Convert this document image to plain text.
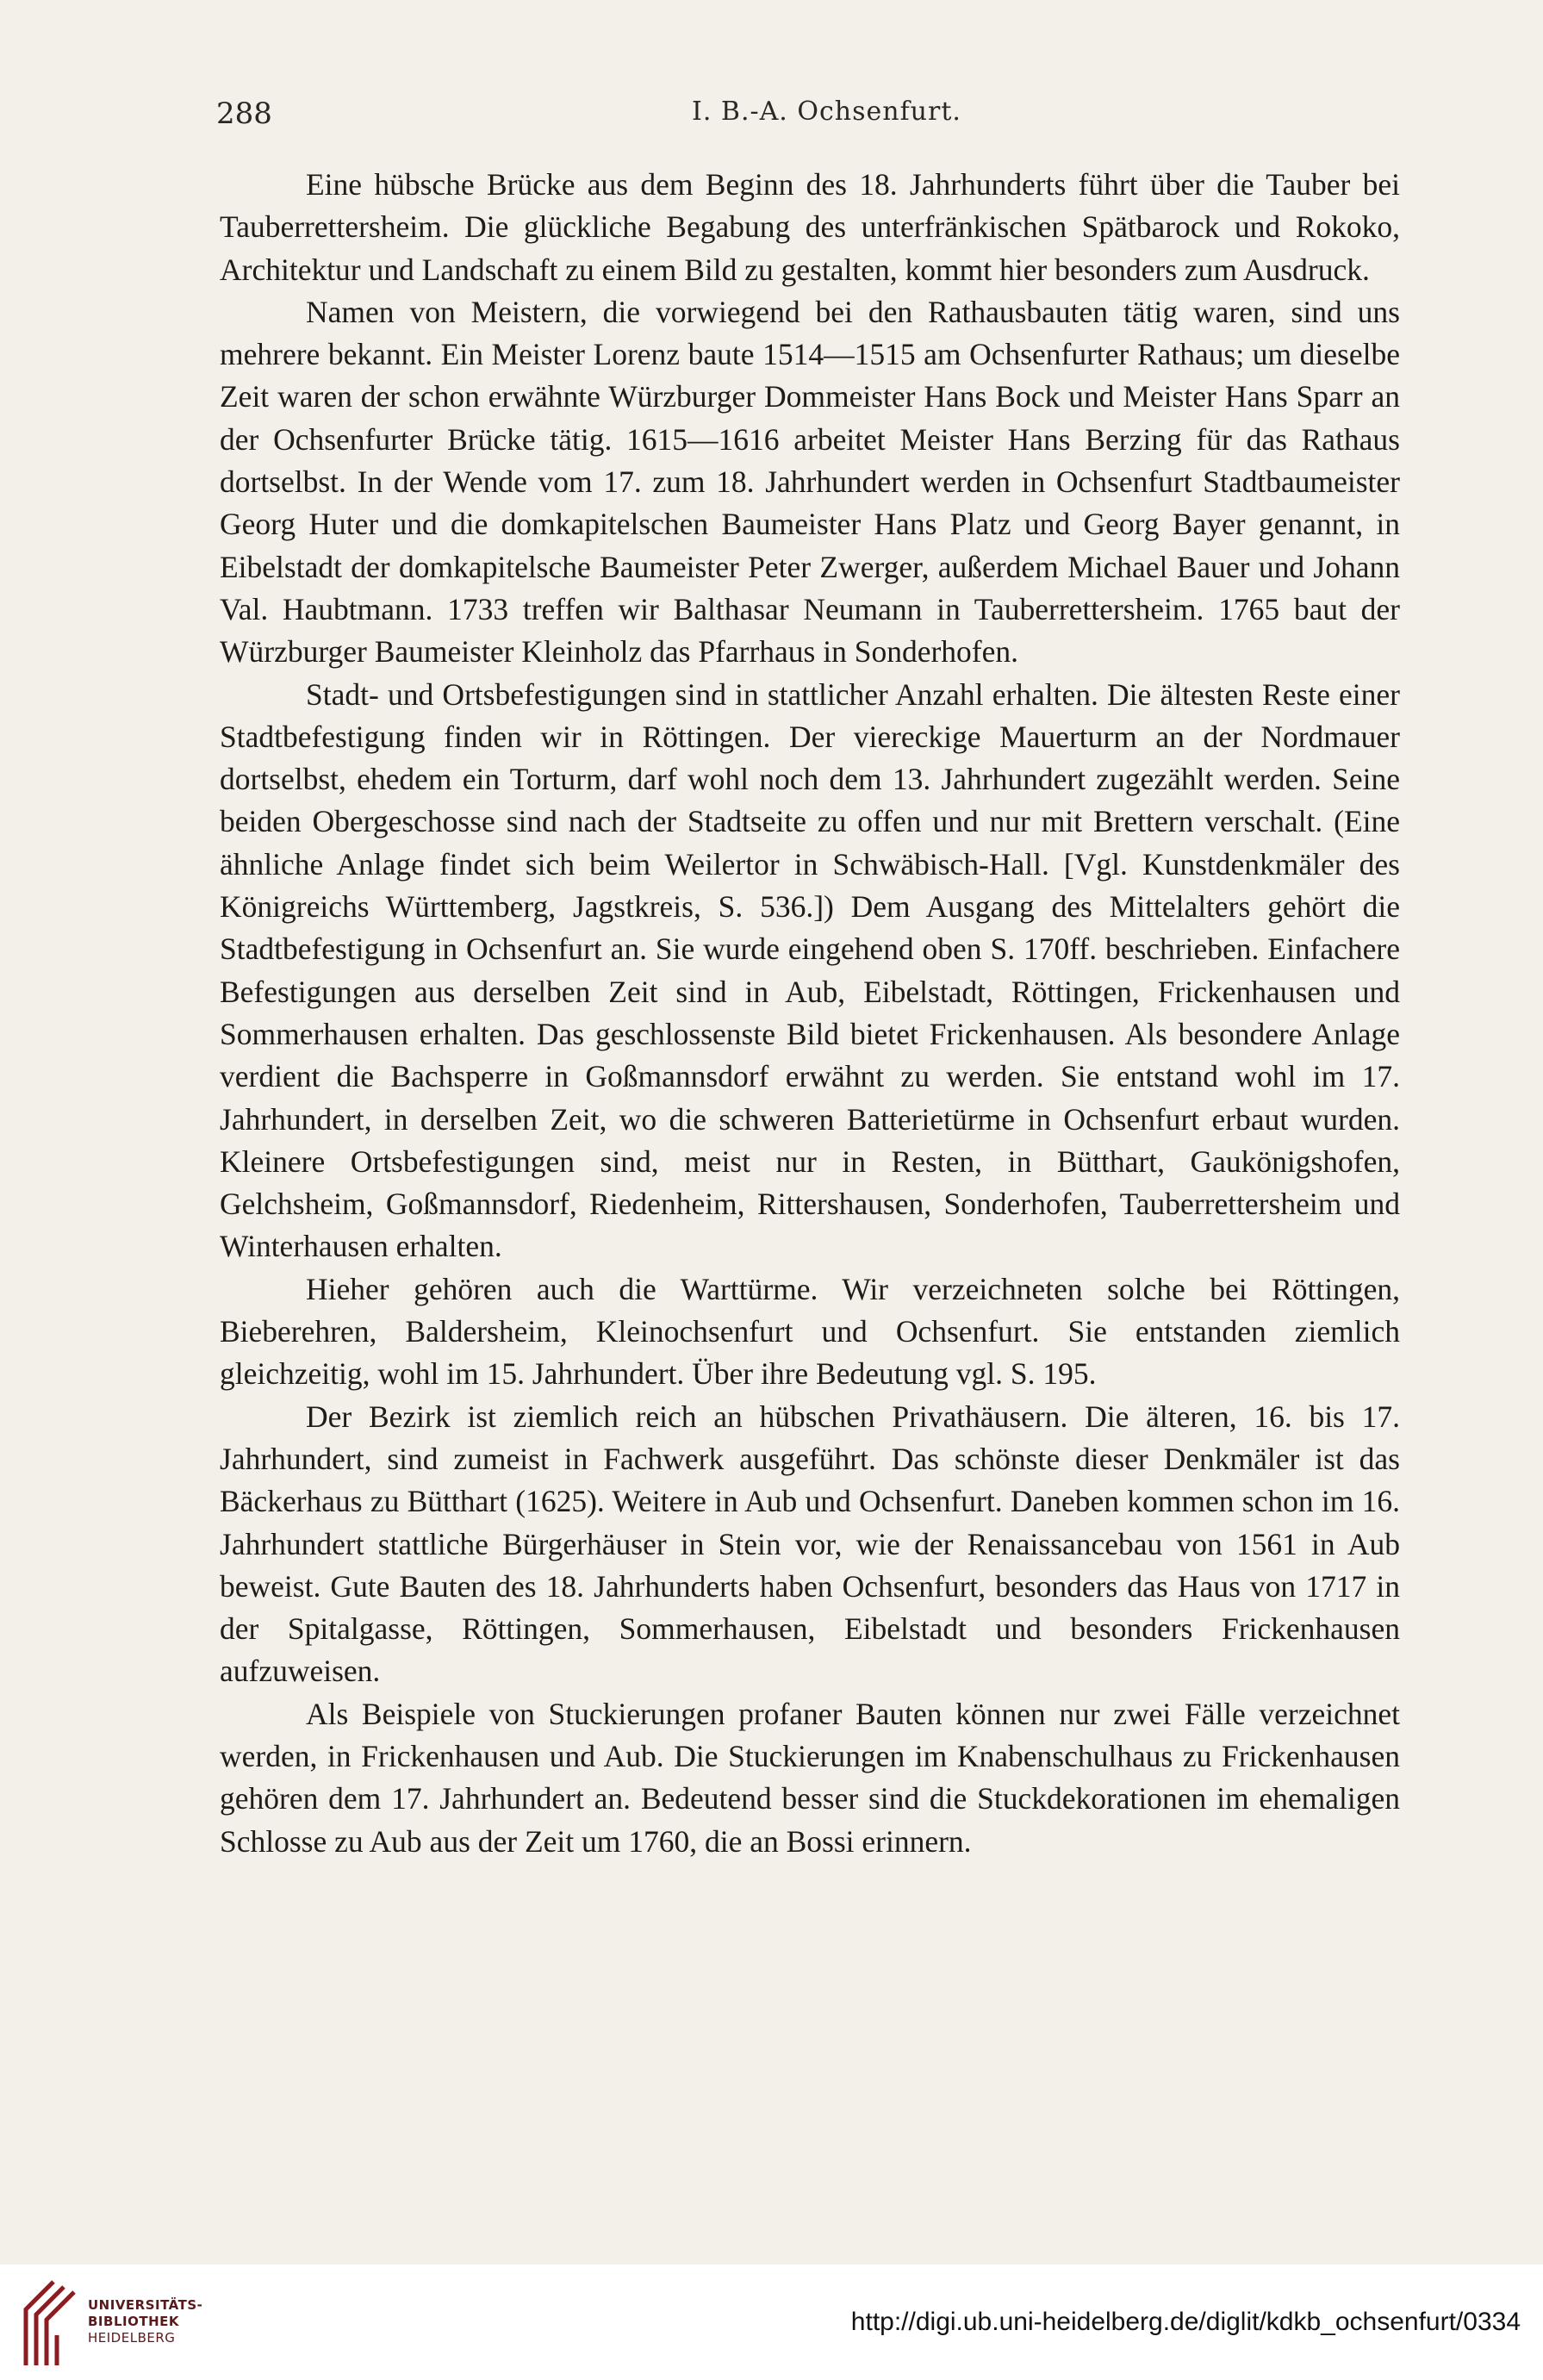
288	I. B.-A. Ochsenfurt.

Eine hübsche Brücke aus dem Beginn des 18. Jahrhunderts führt über die Tauber bei Tauberrettersheim. Die glückliche Begabung des unterfränkischen Spätbarock und Rokoko, Architektur und Landschaft zu einem Bild zu gestalten, kommt hier besonders zum Ausdruck.

Namen von Meistern, die vorwiegend bei den Rathausbauten tätig waren, sind uns mehrere bekannt. Ein Meister Lorenz baute 1514—1515 am Ochsenfurter Rathaus; um dieselbe Zeit waren der schon erwähnte Würzburger Dommeister Hans Bock und Meister Hans Sparr an der Ochsenfurter Brücke tätig. 1615—1616 arbeitet Meister Hans Berzing für das Rathaus dortselbst. In der Wende vom 17. zum 18. Jahrhundert werden in Ochsenfurt Stadtbaumeister Georg Huter und die domkapitelschen Baumeister Hans Platz und Georg Bayer genannt, in Eibelstadt der domkapitelsche Baumeister Peter Zwerger, außerdem Michael Bauer und Johann Val. Haubtmann. 1733 treffen wir Balthasar Neumann in Tauberrettersheim. 1765 baut der Würzburger Baumeister Kleinholz das Pfarrhaus in Sonderhofen.

Stadt- und Ortsbefestigungen sind in stattlicher Anzahl erhalten. Die ältesten Reste einer Stadtbefestigung finden wir in Röttingen. Der viereckige Mauerturm an der Nordmauer dortselbst, ehedem ein Torturm, darf wohl noch dem 13. Jahrhundert zugezählt werden. Seine beiden Obergeschosse sind nach der Stadtseite zu offen und nur mit Brettern verschalt. (Eine ähnliche Anlage findet sich beim Weilertor in Schwäbisch-Hall. [Vgl. Kunstdenkmäler des Königreichs Württemberg, Jagstkreis, S. 536.]) Dem Ausgang des Mittelalters gehört die Stadtbefestigung in Ochsenfurt an. Sie wurde eingehend oben S. 170ff. beschrieben. Einfachere Befestigungen aus derselben Zeit sind in Aub, Eibelstadt, Röttingen, Frickenhausen und Sommerhausen erhalten. Das geschlossenste Bild bietet Frickenhausen. Als besondere Anlage verdient die Bachsperre in Goßmannsdorf erwähnt zu werden. Sie entstand wohl im 17. Jahrhundert, in derselben Zeit, wo die schweren Batterietürme in Ochsenfurt erbaut wurden. Kleinere Ortsbefestigungen sind, meist nur in Resten, in Bütthart, Gaukönigshofen, Gelchsheim, Goßmannsdorf, Riedenheim, Rittershausen, Sonderhofen, Tauberrettersheim und Winterhausen erhalten.

Hieher gehören auch die Warttürme. Wir verzeichneten solche bei Röttingen, Bieberehren, Baldersheim, Kleinochsenfurt und Ochsenfurt. Sie entstanden ziemlich gleichzeitig, wohl im 15. Jahrhundert. Über ihre Bedeutung vgl. S. 195.

Der Bezirk ist ziemlich reich an hübschen Privathäusern. Die älteren, 16. bis 17. Jahrhundert, sind zumeist in Fachwerk ausgeführt. Das schönste dieser Denkmäler ist das Bäckerhaus zu Bütthart (1625). Weitere in Aub und Ochsenfurt. Daneben kommen schon im 16. Jahrhundert stattliche Bürgerhäuser in Stein vor, wie der Renaissancebau von 1561 in Aub beweist. Gute Bauten des 18. Jahrhunderts haben Ochsenfurt, besonders das Haus von 1717 in der Spitalgasse, Röttingen, Sommerhausen, Eibelstadt und besonders Frickenhausen aufzuweisen.

Als Beispiele von Stuckierungen profaner Bauten können nur zwei Fälle verzeichnet werden, in Frickenhausen und Aub. Die Stuckierungen im Knabenschulhaus zu Frickenhausen gehören dem 17. Jahrhundert an. Bedeutend besser sind die Stuckdekorationen im ehemaligen Schlosse zu Aub aus der Zeit um 1760, die an Bossi erinnern.

UNIVERSITÄTS-
BIBLIOTHEK
HEIDELBERG
http://digi.ub.uni-heidelberg.de/diglit/kdkb_ochsenfurt/0334
